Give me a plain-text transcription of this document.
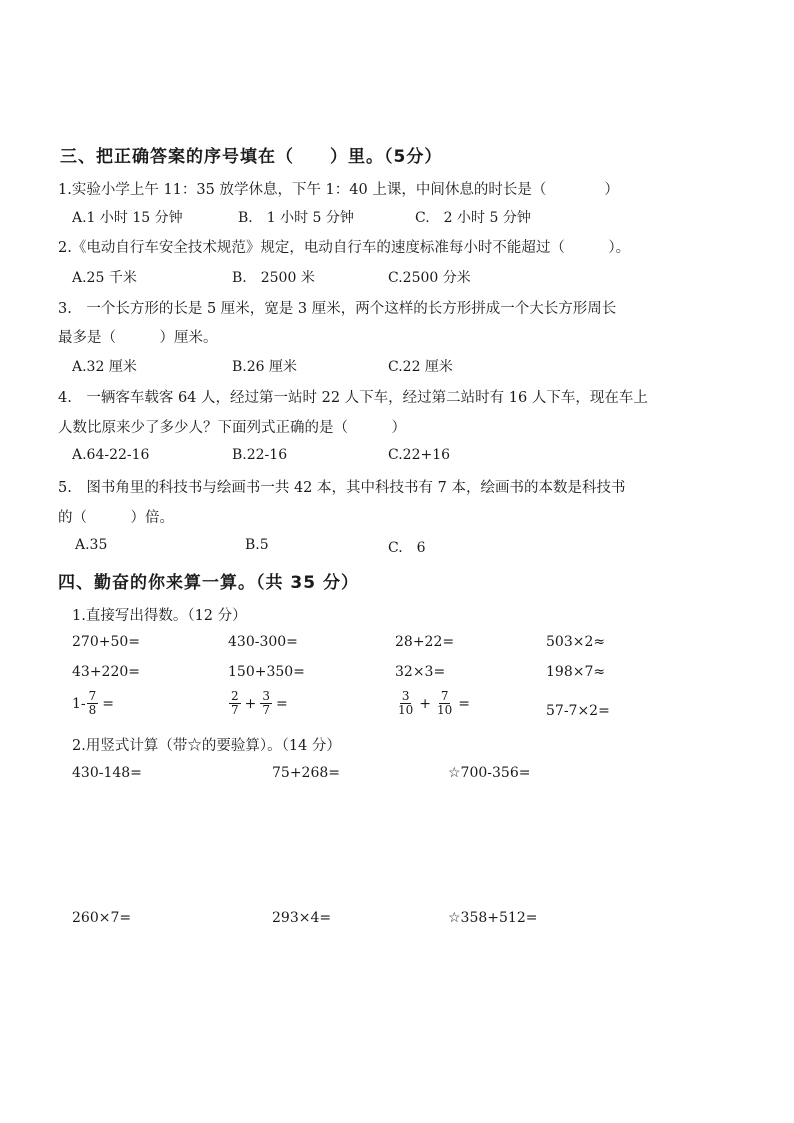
三、把正确答案的序号填在（　　）里。（5分）
1.实验小学上午 11：35 放学休息，下午 1：40 上课，中间休息的时长是（　　　　）
A.1 小时 15 分钟	B.　1 小时 5 分钟	C.　2 小时 5 分钟
2.《电动自行车安全技术规范》规定，电动自行车的速度标准每小时不能超过（　　　）。
A.25 千米	B.　2500 米	C.2500 分米
3.　一个长方形的长是 5 厘米，宽是 3 厘米，两个这样的长方形拼成一个大长方形周长
最多是（　　　）厘米。
A.32 厘米	B.26 厘米	C.22 厘米
4.　一辆客车载客 64 人，经过第一站时 22 人下车，经过第二站时有 16 人下车，现在车上
人数比原来少了多少人？下面列式正确的是（　　　）
A.64-22-16	B.22-16	C.22+16
5.　图书角里的科技书与绘画书一共 42 本，其中科技书有 7 本，绘画书的本数是科技书
的（　　　）倍。
A.35	B.5	C.　6
四、勤奋的你来算一算。（共 35 分）
1.直接写出得数。（12 分）
270+50=	430-300=	28+22=	503×2≈
43+220=	150+350=	32×3=	198×7≈
$1- \frac{7}{8}$ =	$\frac{2}{7} + \frac{3}{7}$ =	$\frac{3}{10} + \frac{7}{10}$ =	57-7×2=
2.用竖式计算（带☆的要验算）。（14 分）
430-148=	75+268=	☆700-356=
260×7=	293×4=	☆358+512=
